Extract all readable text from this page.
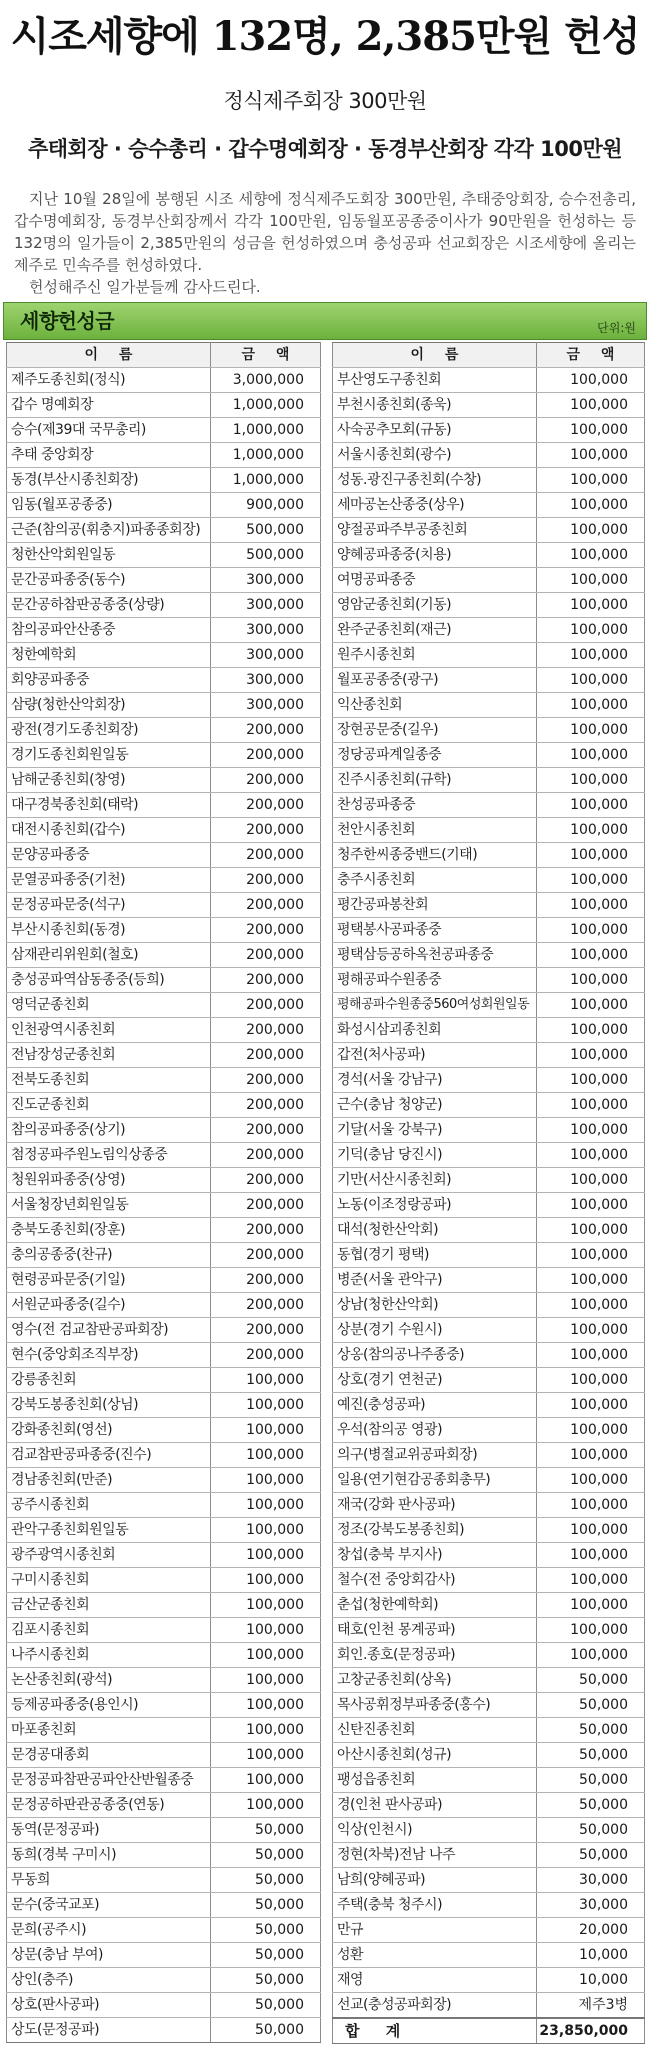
시조세향에 132명, 2,385만원 헌성
정식제주회장 300만원
추태회장 · 승수총리 · 갑수명예회장 · 동경부산회장 각각 100만원

지난 10월 28일에 봉행된 시조 세향에 정식제주도회장 300만원, 추태중앙회장, 승수전총리, 갑수명예회장, 동경부산회장께서 각각 100만원, 임동월포공종중이사가 90만원을 헌성하는 등 132명의 일가들이 2,385만원의 성금을 헌성하였으며 충성공파 선교회장은 시조세향에 올리는 제주로 민속주를 헌성하였다.

헌성해주신 일가분들께 감사드린다.

세향헌성금	단위:원
이 름	금 액

제주도종친회(정식)	3,000,000

갑수 명예회장	1,000,000

승수(제39대 국무총리)	1,000,000

추태 중앙회장	1,000,000

동경(부산시종친회장)	1,000,000

임동(월포공종중)	900,000

근준(참의공(휘충지)파종종회장)	500,000

청한산악회원일동	500,000

문간공파종중(동수)	300,000

문간공하참판공종중(상량)	300,000

참의공파안산종중	300,000

청한예학회	300,000

회양공파종중	300,000

삼량(청한산악회장)	300,000

광전(경기도종친회장)	200,000

경기도종친회원일동	200,000

남해군종친회(창영)	200,000

대구경북종친회(태락)	200,000

대전시종친회(갑수)	200,000

문양공파종중	200,000

문열공파종중(기천)	200,000

문정공파문중(석구)	200,000

부산시종친회(동경)	200,000

삼재관리위원회(철호)	200,000

충성공파역삼동종중(등희)	200,000

영덕군종친회	200,000

인천광역시종친회	200,000

전남장성군종친회	200,000

전북도종친회	200,000

진도군종친회	200,000

참의공파종중(상기)	200,000

첨정공파주원노림익상종중	200,000

청원위파종중(상영)	200,000

서울청장년회원일동	200,000

충북도종친회(장훈)	200,000

충의공종중(찬규)	200,000

현령공파문중(기일)	200,000

서원군파종중(길수)	200,000

영수(전 검교참판공파회장)	200,000

현수(중앙회조직부장)	200,000

강릉종친회	100,000

강북도봉종친회(상님)	100,000

강화종친회(영선)	100,000

검교참판공파종중(진수)	100,000

경남종친회(만준)	100,000

공주시종친회	100,000

관악구종친회원일동	100,000

광주광역시종친회	100,000

구미시종친회	100,000

금산군종친회	100,000

김포시종친회	100,000

나주시종친회	100,000

논산종친회(광석)	100,000

등제공파종중(용인시)	100,000

마포종친회	100,000

문경공대종회	100,000

문정공파참판공파안산반월종중	100,000

문정공하판관공종중(연동)	100,000

동역(문정공파)	50,000

동희(경북 구미시)	50,000

무동희	50,000

문수(중국교포)	50,000

문희(공주시)	50,000

상문(충남 부여)	50,000

상인(충주)	50,000

상호(판사공파)	50,000

상도(문정공파)	50,000
이 름	금 액

부산영도구종친회	100,000

부천시종친회(종욱)	100,000

사숙공추모회(규동)	100,000

서울시종친회(광수)	100,000

성동.광진구종친회(수창)	100,000

세마공논산종중(상우)	100,000

양절공파주부공종친회	100,000

양혜공파종중(치용)	100,000

여명공파종중	100,000

영암군종친회(기동)	100,000

완주군종친회(재근)	100,000

원주시종친회	100,000

월포공종중(광구)	100,000

익산종친회	100,000

장현공문중(길우)	100,000

정당공파계일종중	100,000

진주시종친회(규학)	100,000

찬성공파종중	100,000

천안시종친회	100,000

청주한씨종중밴드(기태)	100,000

충주시종친회	100,000

평간공파봉찬회	100,000

평택봉사공파종중	100,000

평택삼등공하옥천공파종중	100,000

평해공파수원종중	100,000

평해공파수원종중560여성회원일동	100,000

화성시삼괴종친회	100,000

갑전(처사공파)	100,000

경석(서울 강남구)	100,000

근수(충남 청양군)	100,000

기달(서울 강북구)	100,000

기덕(충남 당진시)	100,000

기만(서산시종친회)	100,000

노동(이조정랑공파)	100,000

대석(청한산악회)	100,000

동협(경기 평택)	100,000

병준(서울 관악구)	100,000

상남(청한산악회)	100,000

상분(경기 수원시)	100,000

상옹(참의공나주종중)	100,000

상호(경기 연천군)	100,000

예진(충성공파)	100,000

우석(참의공 영광)	100,000

의구(병절교위공파회장)	100,000

일용(연기현감공종회총무)	100,000

재국(강화 판사공파)	100,000

정조(강북도봉종친회)	100,000

창섭(충북 부지사)	100,000

철수(전 중앙회감사)	100,000

춘섭(청한예학회)	100,000

태호(인천 몽계공파)	100,000

회인.종호(문정공파)	100,000

고창군종친회(상옥)	50,000

목사공휘정부파종중(홍수)	50,000

신탄진종친회	50,000

아산시종친회(성규)	50,000

팽성읍종친회	50,000

경(인천 판사공파)	50,000

익상(인천시)	50,000

정현(차북)전남 나주	50,000

남희(양혜공파)	30,000

주택(충북 청주시)	30,000

만규	20,000

성환	10,000

재영	10,000

선교(충성공파회장)	제주3병

합 계	23,850,000
